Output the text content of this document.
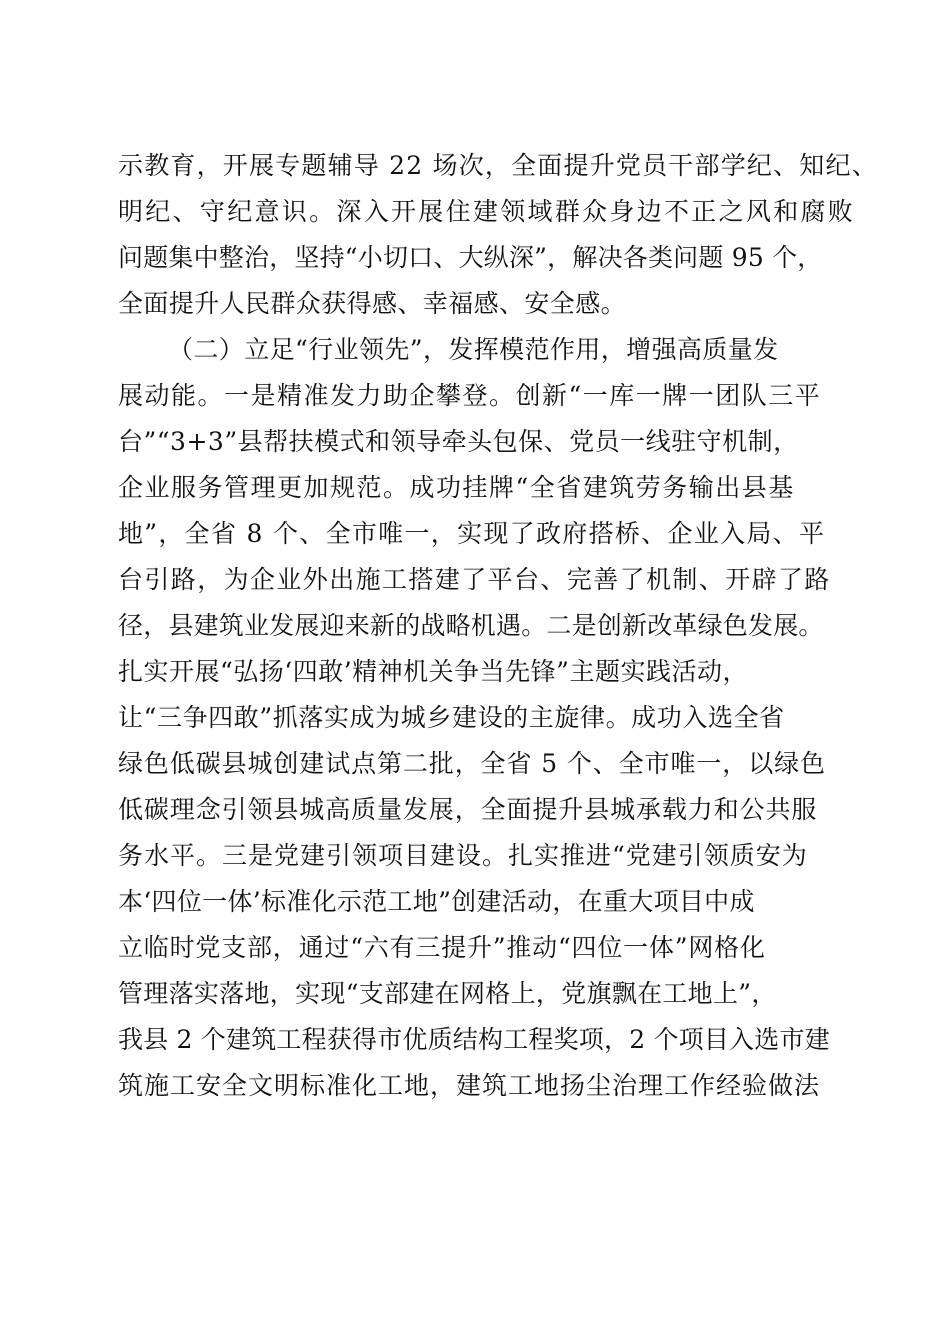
示教育，开展专题辅导 22 场次，全面提升党员干部学纪、知纪、
明纪、守纪意识。深入开展住建领域群众身边不正之风和腐败
问题集中整治，坚持“小切口、大纵深”，解决各类问题 95 个，
全面提升人民群众获得感、幸福感、安全感。
（二）立足“行业领先”，发挥模范作用，增强高质量发
展动能。一是精准发力助企攀登。创新“一库一牌一团队三平
台”“3+3”县帮扶模式和领导牵头包保、党员一线驻守机制，
企业服务管理更加规范。成功挂牌“全省建筑劳务输出县基
地”，全省 8 个、全市唯一，实现了政府搭桥、企业入局、平
台引路，为企业外出施工搭建了平台、完善了机制、开辟了路
径，县建筑业发展迎来新的战略机遇。二是创新改革绿色发展。
扎实开展“弘扬‘四敢’精神机关争当先锋”主题实践活动，
让“三争四敢”抓落实成为城乡建设的主旋律。成功入选全省
绿色低碳县城创建试点第二批，全省 5 个、全市唯一，以绿色
低碳理念引领县城高质量发展，全面提升县城承载力和公共服
务水平。三是党建引领项目建设。扎实推进“党建引领质安为
本‘四位一体’标准化示范工地”创建活动，在重大项目中成
立临时党支部，通过“六有三提升”推动“四位一体”网格化
管理落实落地，实现“支部建在网格上，党旗飘在工地上”，
我县 2 个建筑工程获得市优质结构工程奖项，2 个项目入选市建
筑施工安全文明标准化工地，建筑工地扬尘治理工作经验做法
